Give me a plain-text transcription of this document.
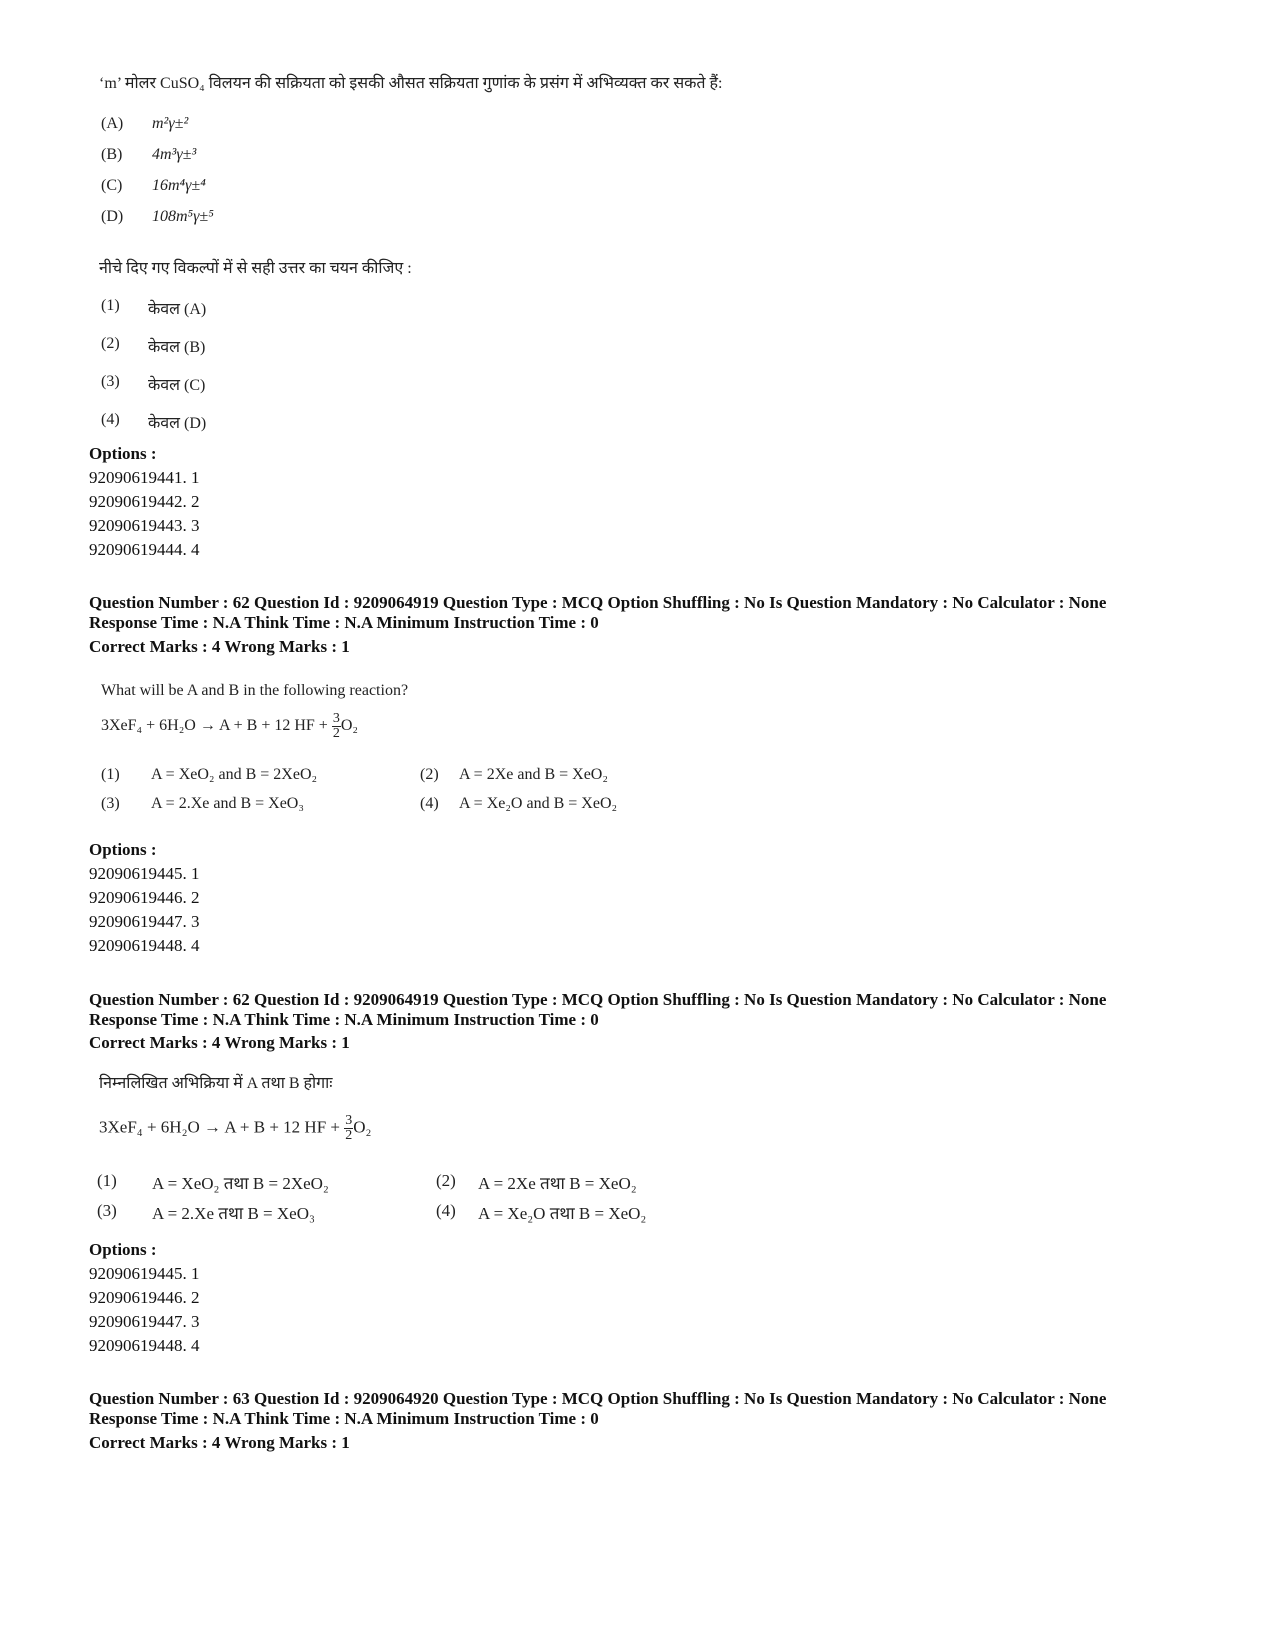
‘m’ मोलर CuSO₄ विलयन की सक्रियता को इसकी औसत सक्रियता गुणांक के प्रसंग में अभिव्यक्त कर सकते हैं:
(A) m²γ±²
(B) 4m³γ±³
(C) 16m⁴γ±⁴
(D) 108m⁵γ±⁵
नीचे दिए गए विकल्पों में से सही उत्तर का चयन कीजिए :
(1) केवल (A)
(2) केवल (B)
(3) केवल (C)
(4) केवल (D)
Options :
92090619441. 1
92090619442. 2
92090619443. 3
92090619444. 4
Question Number : 62 Question Id : 9209064919 Question Type : MCQ Option Shuffling : No Is Question Mandatory : No Calculator : None
Response Time : N.A Think Time : N.A Minimum Instruction Time : 0
Correct Marks : 4 Wrong Marks : 1
What will be A and B in the following reaction?
3XeF₄ + 6H₂O → A + B + 12 HF + $\frac{3}{2} O_2$
(1) A = XeO₂ and B = 2XeO₂	(2) A = 2Xe and B = XeO₂
(3) A = 2.Xe and B = XeO₃	(4) A = Xe₂O and B = XeO₂
Options :
92090619445. 1
92090619446. 2
92090619447. 3
92090619448. 4
Question Number : 62 Question Id : 9209064919 Question Type : MCQ Option Shuffling : No Is Question Mandatory : No Calculator : None
Response Time : N.A Think Time : N.A Minimum Instruction Time : 0
Correct Marks : 4 Wrong Marks : 1
निम्नलिखित अभिक्रिया में A तथा B होगाः
3XeF₄ + 6H₂O → A + B + 12 HF + $\frac{3}{2} O_2$
(1) A = XeO₂ तथा B = 2XeO₂	(2) A = 2Xe तथा B = XeO₂
(3) A = 2.Xe तथा B = XeO₃	(4) A = Xe₂O तथा B = XeO₂
Options :
92090619445. 1
92090619446. 2
92090619447. 3
92090619448. 4
Question Number : 63 Question Id : 9209064920 Question Type : MCQ Option Shuffling : No Is Question Mandatory : No Calculator : None
Response Time : N.A Think Time : N.A Minimum Instruction Time : 0
Correct Marks : 4 Wrong Marks : 1
